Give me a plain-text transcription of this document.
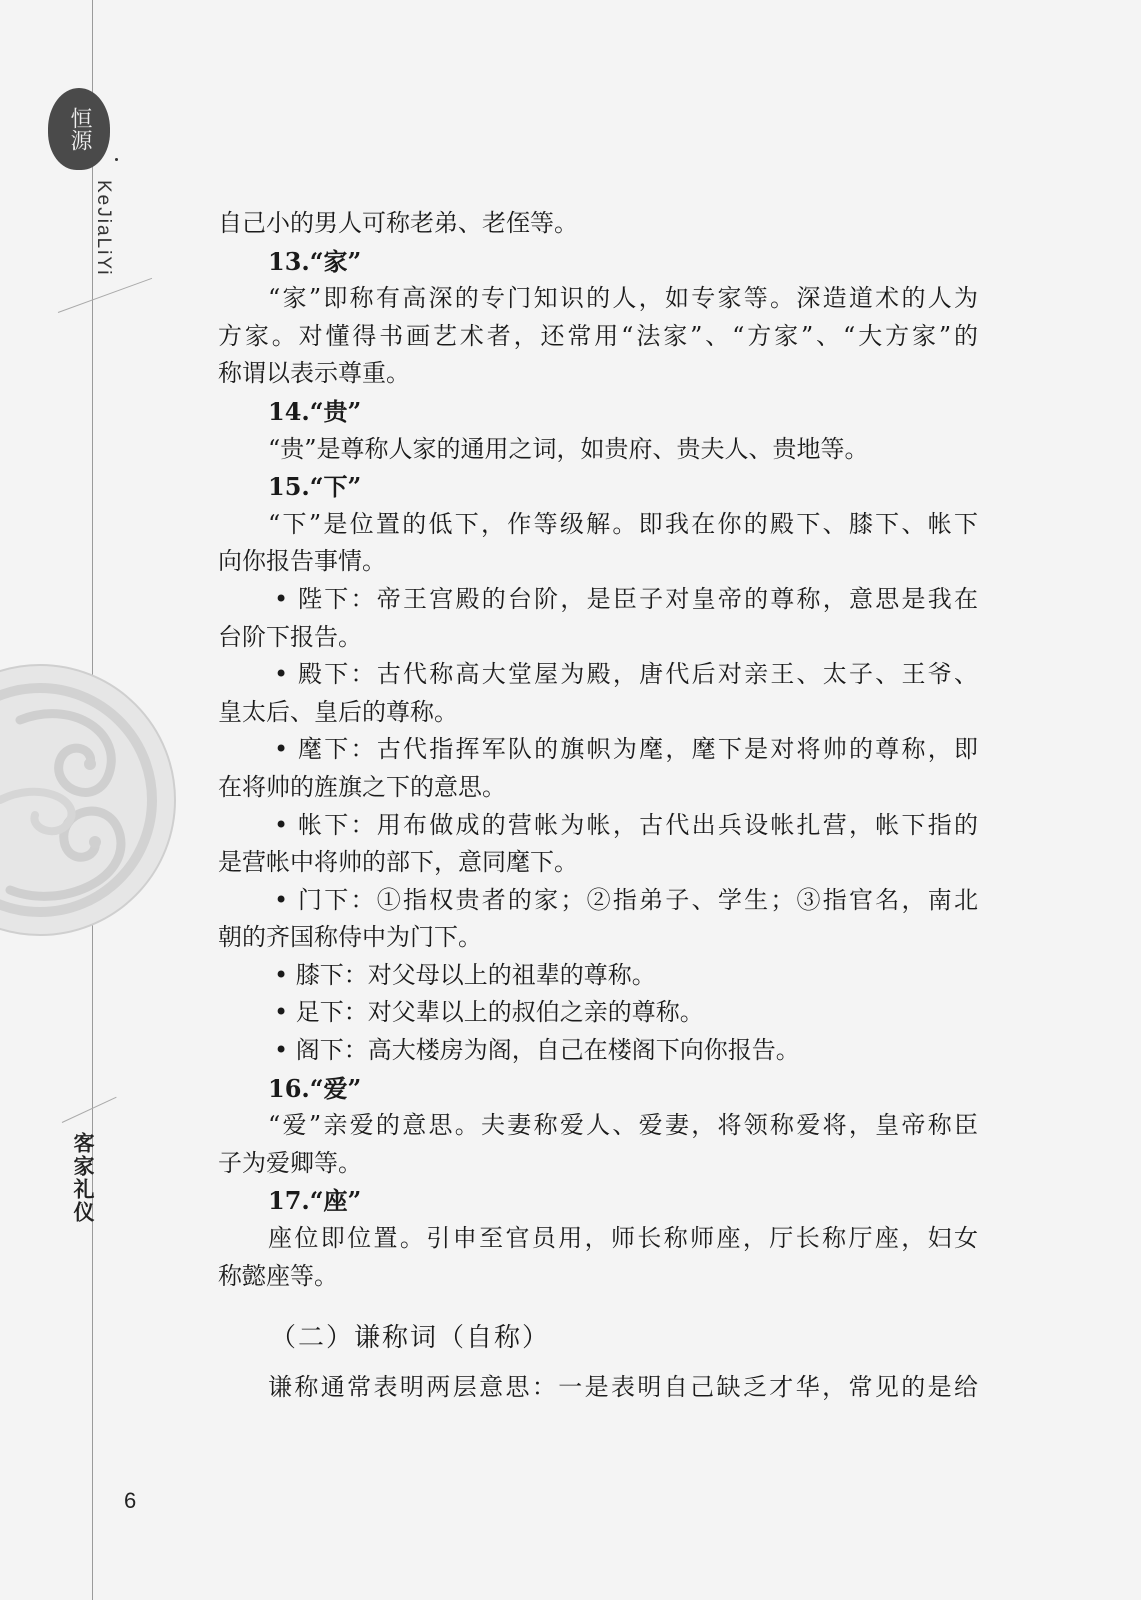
恒源
KeJiaLiYi
客家礼仪
6
自己小的男人可称老弟、老侄等。
13.“家”
“家”即称有高深的专门知识的人，如专家等。深造道术的人为
方家。对懂得书画艺术者，还常用“法家”、“方家”、“大方家”的
称谓以表示尊重。
14.“贵”
“贵”是尊称人家的通用之词，如贵府、贵夫人、贵地等。
15.“下”
“下”是位置的低下，作等级解。即我在你的殿下、膝下、帐下
向你报告事情。
• 陛下：帝王宫殿的台阶，是臣子对皇帝的尊称，意思是我在
台阶下报告。
• 殿下：古代称高大堂屋为殿，唐代后对亲王、太子、王爷、
皇太后、皇后的尊称。
• 麾下：古代指挥军队的旗帜为麾，麾下是对将帅的尊称，即
在将帅的旌旗之下的意思。
• 帐下：用布做成的营帐为帐，古代出兵设帐扎营，帐下指的
是营帐中将帅的部下，意同麾下。
• 门下：①指权贵者的家；②指弟子、学生；③指官名，南北
朝的齐国称侍中为门下。
• 膝下：对父母以上的祖辈的尊称。
• 足下：对父辈以上的叔伯之亲的尊称。
• 阁下：高大楼房为阁，自己在楼阁下向你报告。
16.“爱”
“爱”亲爱的意思。夫妻称爱人、爱妻，将领称爱将，皇帝称臣
子为爱卿等。
17.“座”
座位即位置。引申至官员用，师长称师座，厅长称厅座，妇女
称懿座等。
（二）谦称词（自称）
谦称通常表明两层意思：一是表明自己缺乏才华，常见的是给
